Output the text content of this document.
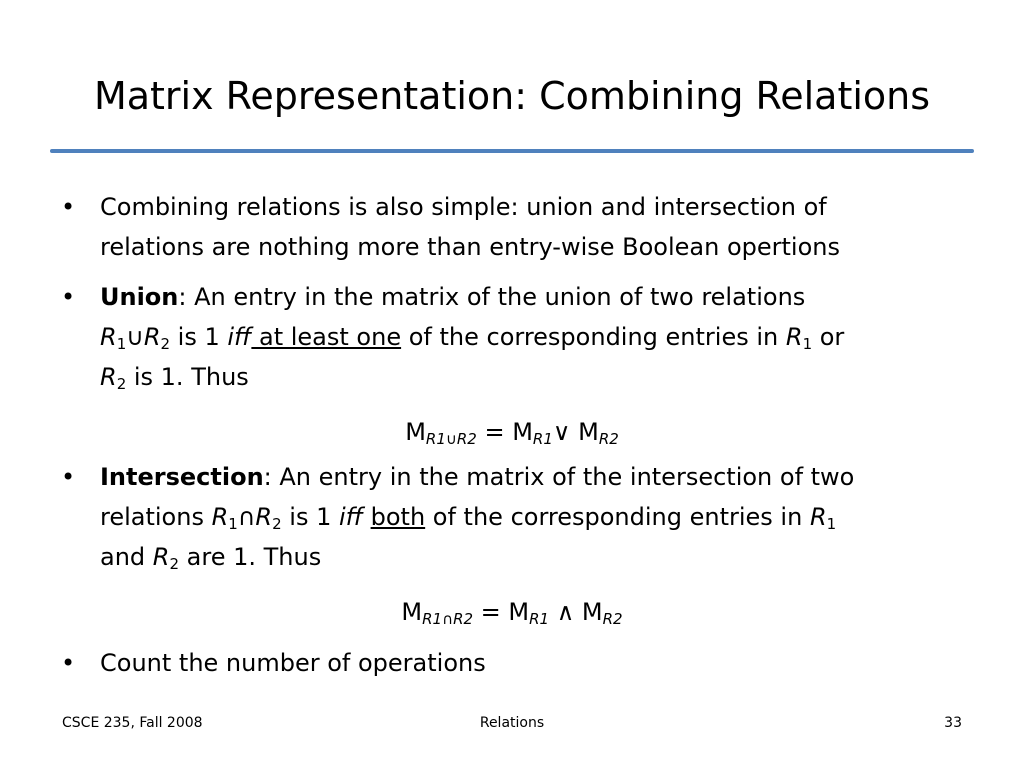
Matrix Representation: Combining Relations
• Combining relations is also simple: union and intersection of
relations are nothing more than entry-wise Boolean opertions
• Union: An entry in the matrix of the union of two relations
$R_1\cup R_2$ is 1 iff at least one of the corresponding entries in $R_1$ or
$R_2$ is 1. Thus
$M_{R1\cup R2}$ = $M_{R1}\vee$ $M_{R2}$
• Intersection: An entry in the matrix of the intersection of two
relations $R_1\cap R_2$ is 1 iff both of the corresponding entries in $R_1$
and $R_2$ are 1. Thus
$M_{R1\cap R2} = M_{R1}$ ∧ $M_{R2}$
• Count the number of operations
CSCE 235, Fall 2008	Relations	33
